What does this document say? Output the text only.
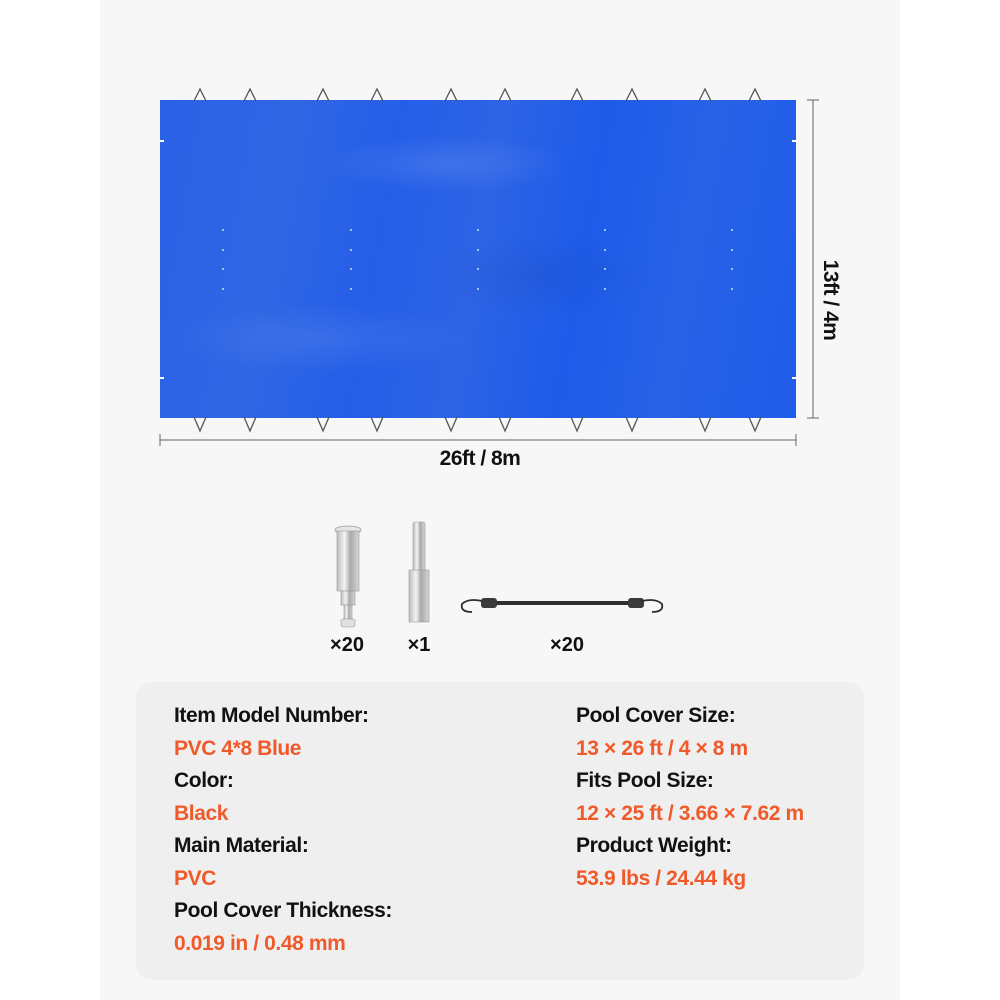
26ft / 8m
13ft / 4m
×20	×1	×20
Item Model Number:
PVC 4*8 Blue
Color:
Black
Main Material:
PVC
Pool Cover Thickness:
0.019 in / 0.48 mm
Pool Cover Size:
13 × 26 ft / 4 × 8 m
Fits Pool Size:
12 × 25 ft / 3.66 × 7.62 m
Product Weight:
53.9 lbs / 24.44 kg
